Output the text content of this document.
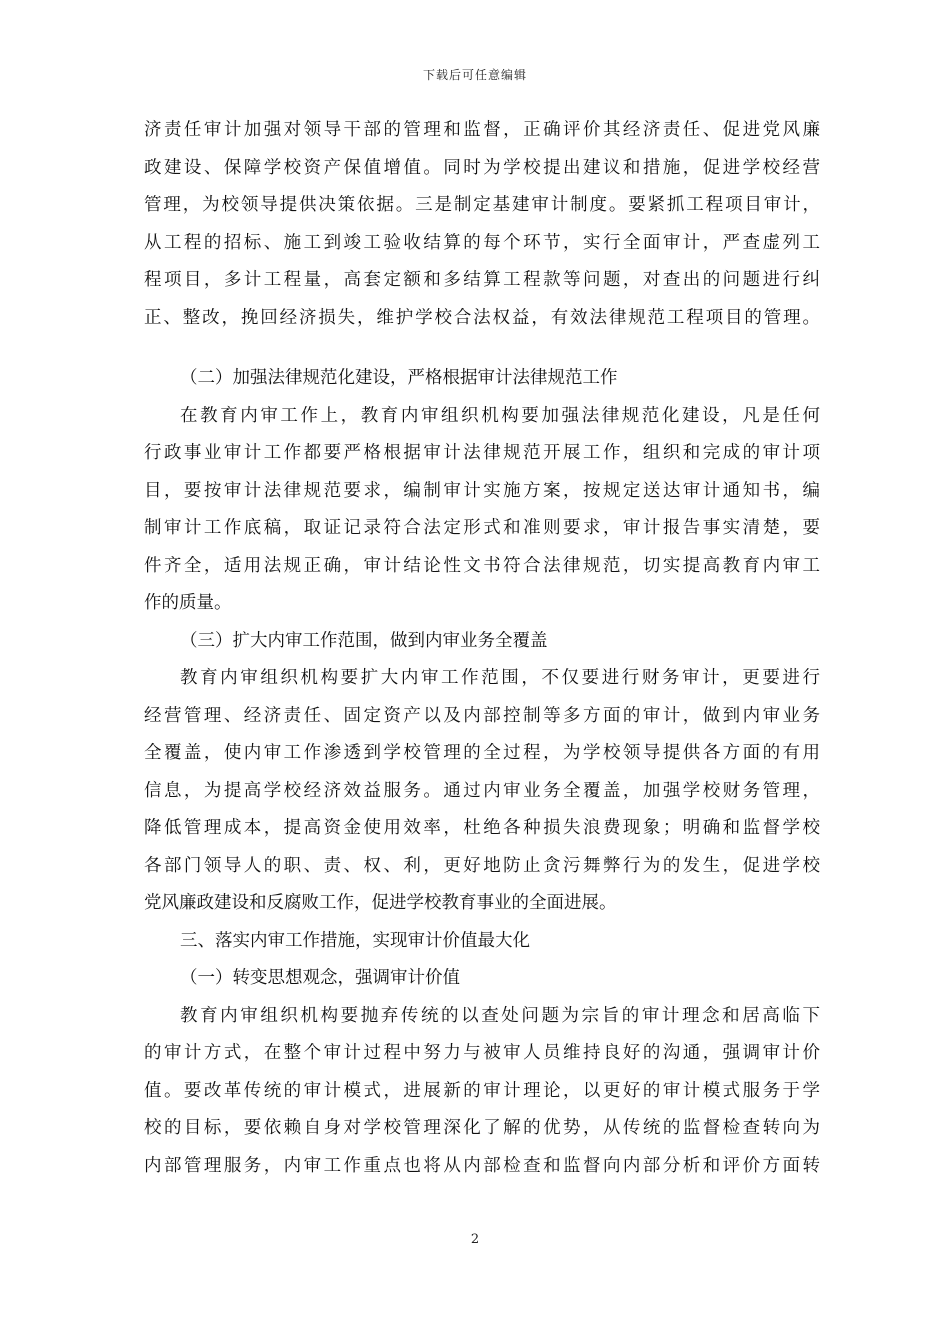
下载后可任意编辑
济责任审计加强对领导干部的管理和监督，正确评价其经济责任、促进党风廉
政建设、保障学校资产保值增值。同时为学校提出建议和措施，促进学校经营
管理，为校领导提供决策依据。三是制定基建审计制度。要紧抓工程项目审计，
从工程的招标、施工到竣工验收结算的每个环节，实行全面审计，严查虚列工
程项目，多计工程量，高套定额和多结算工程款等问题，对查出的问题进行纠
正、整改，挽回经济损失，维护学校合法权益，有效法律规范工程项目的管理。
（二）加强法律规范化建设，严格根据审计法律规范工作
在教育内审工作上，教育内审组织机构要加强法律规范化建设，凡是任何
行政事业审计工作都要严格根据审计法律规范开展工作，组织和完成的审计项
目，要按审计法律规范要求，编制审计实施方案，按规定送达审计通知书，编
制审计工作底稿，取证记录符合法定形式和准则要求，审计报告事实清楚，要
件齐全，适用法规正确，审计结论性文书符合法律规范，切实提高教育内审工
作的质量。
（三）扩大内审工作范围，做到内审业务全覆盖
教育内审组织机构要扩大内审工作范围，不仅要进行财务审计，更要进行
经营管理、经济责任、固定资产以及内部控制等多方面的审计，做到内审业务
全覆盖，使内审工作渗透到学校管理的全过程，为学校领导提供各方面的有用
信息，为提高学校经济效益服务。通过内审业务全覆盖，加强学校财务管理，
降低管理成本，提高资金使用效率，杜绝各种损失浪费现象；明确和监督学校
各部门领导人的职、责、权、利，更好地防止贪污舞弊行为的发生，促进学校
党风廉政建设和反腐败工作，促进学校教育事业的全面进展。
三、落实内审工作措施，实现审计价值最大化
（一）转变思想观念，强调审计价值
教育内审组织机构要抛弃传统的以查处问题为宗旨的审计理念和居高临下
的审计方式，在整个审计过程中努力与被审人员维持良好的沟通，强调审计价
值。要改革传统的审计模式，进展新的审计理论，以更好的审计模式服务于学
校的目标，要依赖自身对学校管理深化了解的优势，从传统的监督检查转向为
内部管理服务，内审工作重点也将从内部检查和监督向内部分析和评价方面转
2
